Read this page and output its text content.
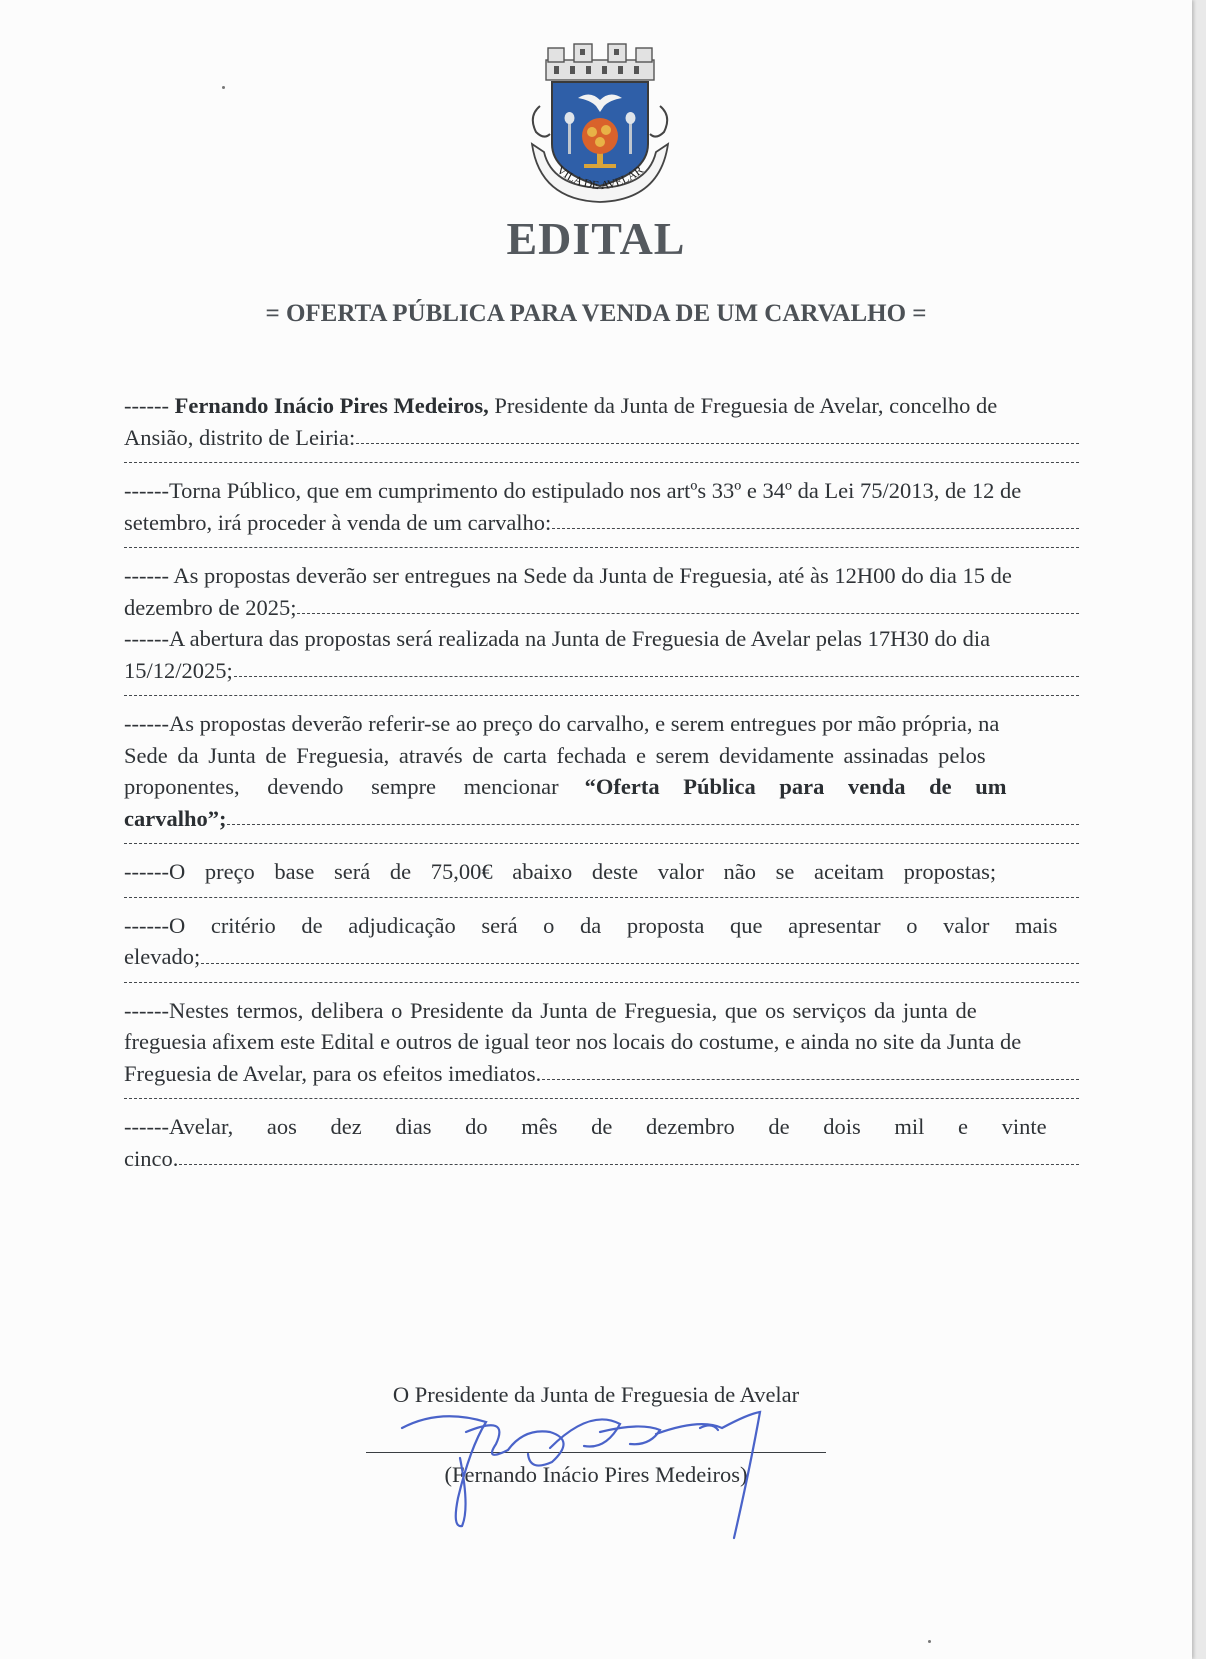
VILA DE AVELAR
EDITAL
= OFERTA PÚBLICA PARA VENDA DE UM CARVALHO =
------ Fernando Inácio Pires Medeiros, Presidente da Junta de Freguesia de Avelar, concelho de
Ansião, distrito de Leiria:
------Torna Público, que em cumprimento do estipulado nos artºs 33º e 34º da Lei 75/2013, de 12 de
setembro, irá proceder à venda de um carvalho:
------ As propostas deverão ser entregues na Sede da Junta de Freguesia, até às 12H00 do dia 15 de
dezembro de 2025;
------A abertura das propostas será realizada na Junta de Freguesia de Avelar pelas 17H30 do dia
15/12/2025;
------As propostas deverão referir-se ao preço do carvalho, e serem entregues por mão própria, na
Sede da Junta de Freguesia, através de carta fechada e serem devidamente assinadas pelos
proponentes, devendo sempre mencionar “Oferta Pública para venda de um
carvalho”;
------O preço base será de 75,00€ abaixo deste valor não se aceitam propostas;
------O critério de adjudicação será o da proposta que apresentar o valor mais
elevado;
------Nestes termos, delibera o Presidente da Junta de Freguesia, que os serviços da junta de
freguesia afixem este Edital e outros de igual teor nos locais do costume, e ainda no site da Junta de
Freguesia de Avelar, para os efeitos imediatos.
------Avelar, aos dez dias do mês de dezembro de dois mil e vinte
cinco.
O Presidente da Junta de Freguesia de Avelar
(Fernando Inácio Pires Medeiros)
